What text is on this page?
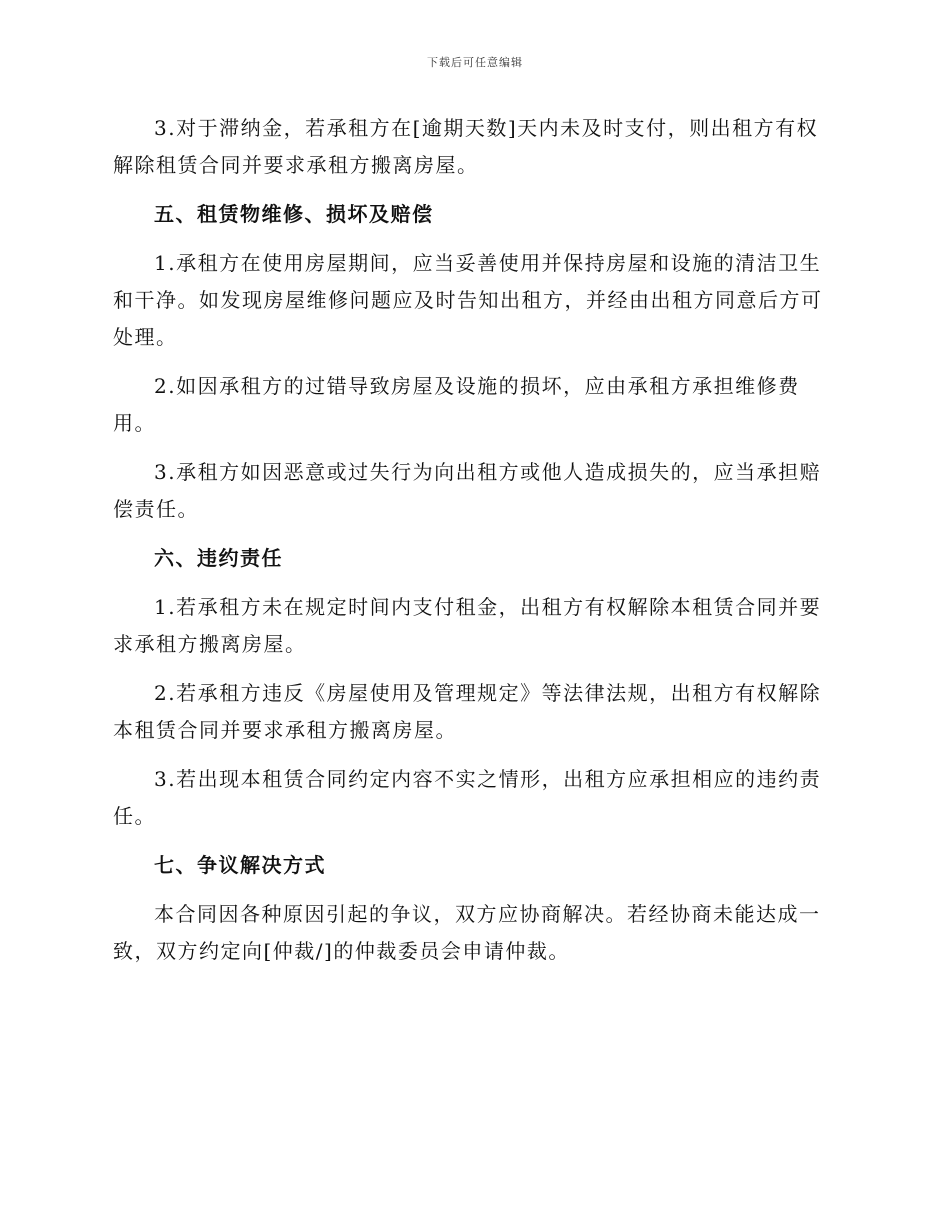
下载后可任意编辑

3.对于滞纳金，若承租方在[逾期天数]天内未及时支付，则出租方有权解除租赁合同并要求承租方搬离房屋。

五、租赁物维修、损坏及赔偿

1.承租方在使用房屋期间，应当妥善使用并保持房屋和设施的清洁卫生和干净。如发现房屋维修问题应及时告知出租方，并经由出租方同意后方可处理。

2.如因承租方的过错导致房屋及设施的损坏，应由承租方承担维修费用。

3.承租方如因恶意或过失行为向出租方或他人造成损失的，应当承担赔偿责任。

六、违约责任

1.若承租方未在规定时间内支付租金，出租方有权解除本租赁合同并要求承租方搬离房屋。

2.若承租方违反《房屋使用及管理规定》等法律法规，出租方有权解除本租赁合同并要求承租方搬离房屋。

3.若出现本租赁合同约定内容不实之情形，出租方应承担相应的违约责任。

七、争议解决方式

本合同因各种原因引起的争议，双方应协商解决。若经协商未能达成一致，双方约定向[仲裁/]的仲裁委员会申请仲裁。
